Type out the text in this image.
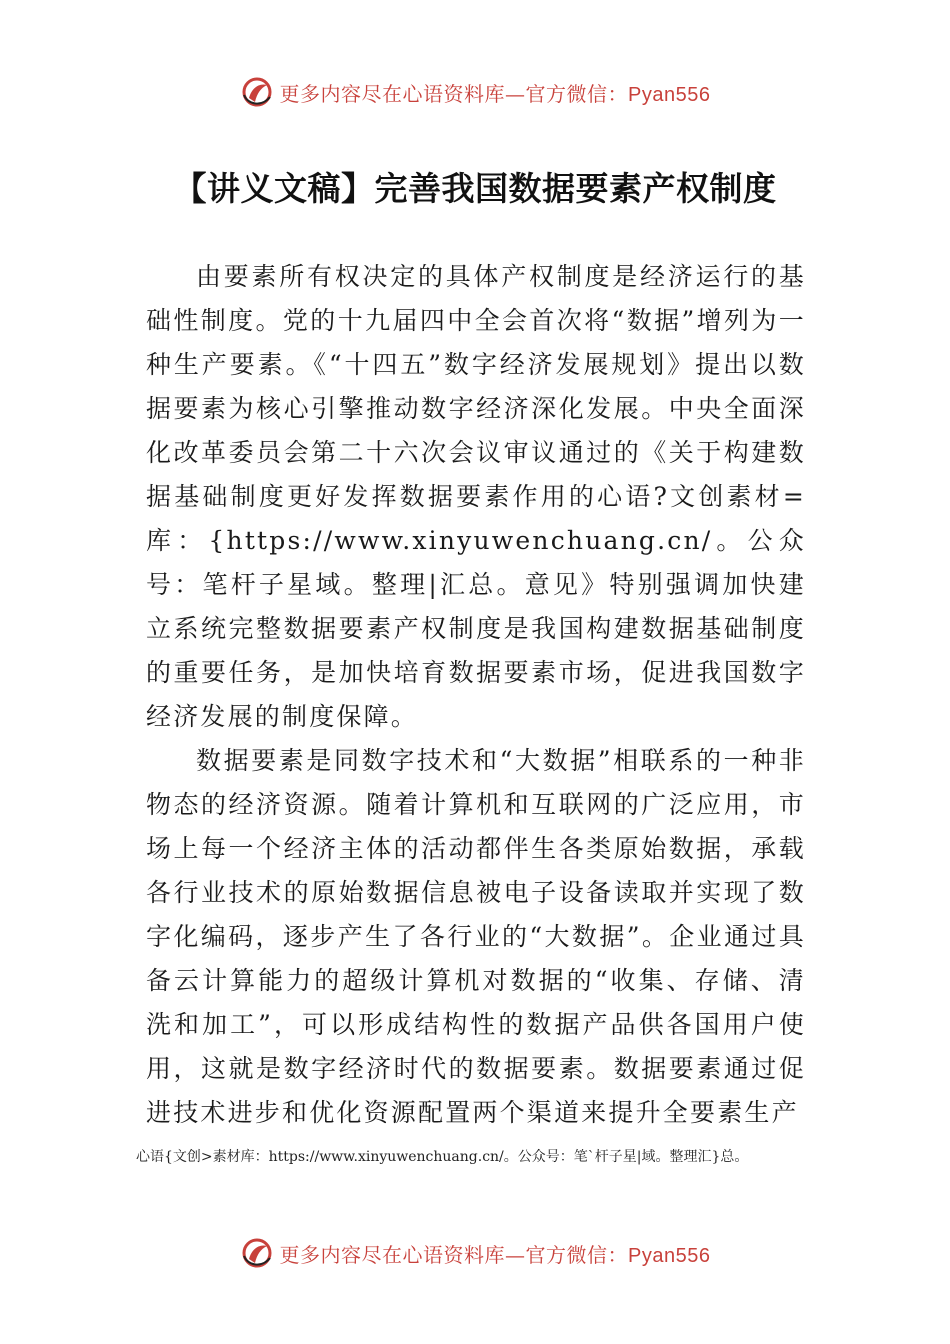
更多内容尽在心语资料库—官方微信：Pyan556
【讲义文稿】完善我国数据要素产权制度

由要素所有权决定的具体产权制度是经济运行的基础性制度。党的十九届四中全会首次将“数据”增列为一种生产要素。《“十四五”数字经济发展规划》提出以数据要素为核心引擎推动数字经济深化发展。中央全面深化改革委员会第二十六次会议审议通过的《关于构建数据基础制度更好发挥数据要素作用的心语?文创素材=库：{https://www.xinyuwenchuang.cn/。公众号：笔杆子星域。整理|汇总。意见》特别强调加快建立系统完整数据要素产权制度是我国构建数据基础制度的重要任务，是加快培育数据要素市场，促进我国数字经济发展的制度保障。

数据要素是同数字技术和“大数据”相联系的一种非物态的经济资源。随着计算机和互联网的广泛应用，市场上每一个经济主体的活动都伴生各类原始数据，承载各行业技术的原始数据信息被电子设备读取并实现了数字化编码，逐步产生了各行业的“大数据”。企业通过具备云计算能力的超级计算机对数据的“收集、存储、清洗和加工”，可以形成结构性的数据产品供各国用户使用，这就是数字经济时代的数据要素。数据要素通过促进技术进步和优化资源配置两个渠道来提升全要素生产

心语{文创>素材库：https://www.xinyuwenchuang.cn/。公众号：笔`杆子星|域。整理汇}总。
更多内容尽在心语资料库—官方微信：Pyan556
